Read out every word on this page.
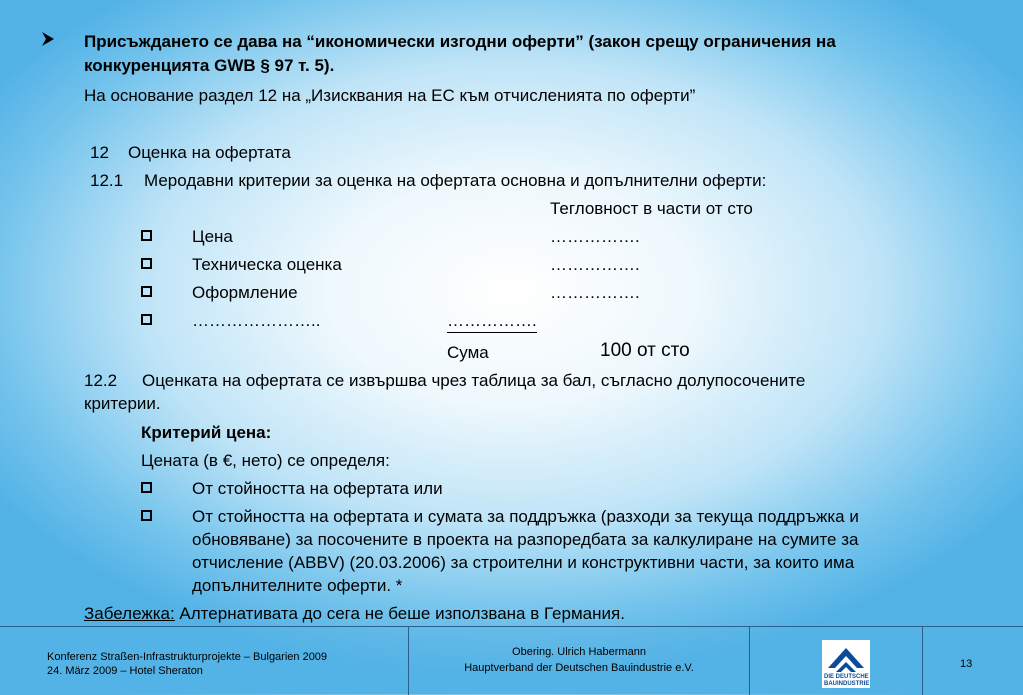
Присъждането се дава на “икономически изгодни оферти” (закон срещу ограничения на
конкуренцията GWB § 97 т. 5).
На основание раздел 12 на „Изисквания на ЕС към отчисленията по оферти”
12 Оценка на офертата
12.1 Меродавни критерии за оценка на офертата основна и допълнителни оферти:
Тегловност в части от сто
Цена	…………….
Техническа оценка	…………….
Оформление	…………….
…………………..	…………….
Сума	100 от сто
12.2 Оценката на офертата се извършва чрез таблица за бал, съгласно долупосочените
критерии.
Критерий цена:
Цената (в €, нето) се определя:
От стойността на офертата или
От стойността на офертата и сумата за поддръжка (разходи за текуща поддръжка и
обновяване) за посочените в проекта на разпоредбата за калкулиране на сумите за
отчисление (ABBV) (20.03.2006) за строителни и конструктивни части, за които има
допълнителните оферти. *
Забележка: Алтернативата до сега не беше използвана в Германия.
Konferenz Straßen-Infrastrukturprojekte – Bulgarien 2009
24. März 2009 – Hotel Sheraton
Obering. Ulrich Habermann
Hauptverband der Deutschen Bauindustrie e.V.
DIE DEUTSCHE
BAUINDUSTRIE
13
